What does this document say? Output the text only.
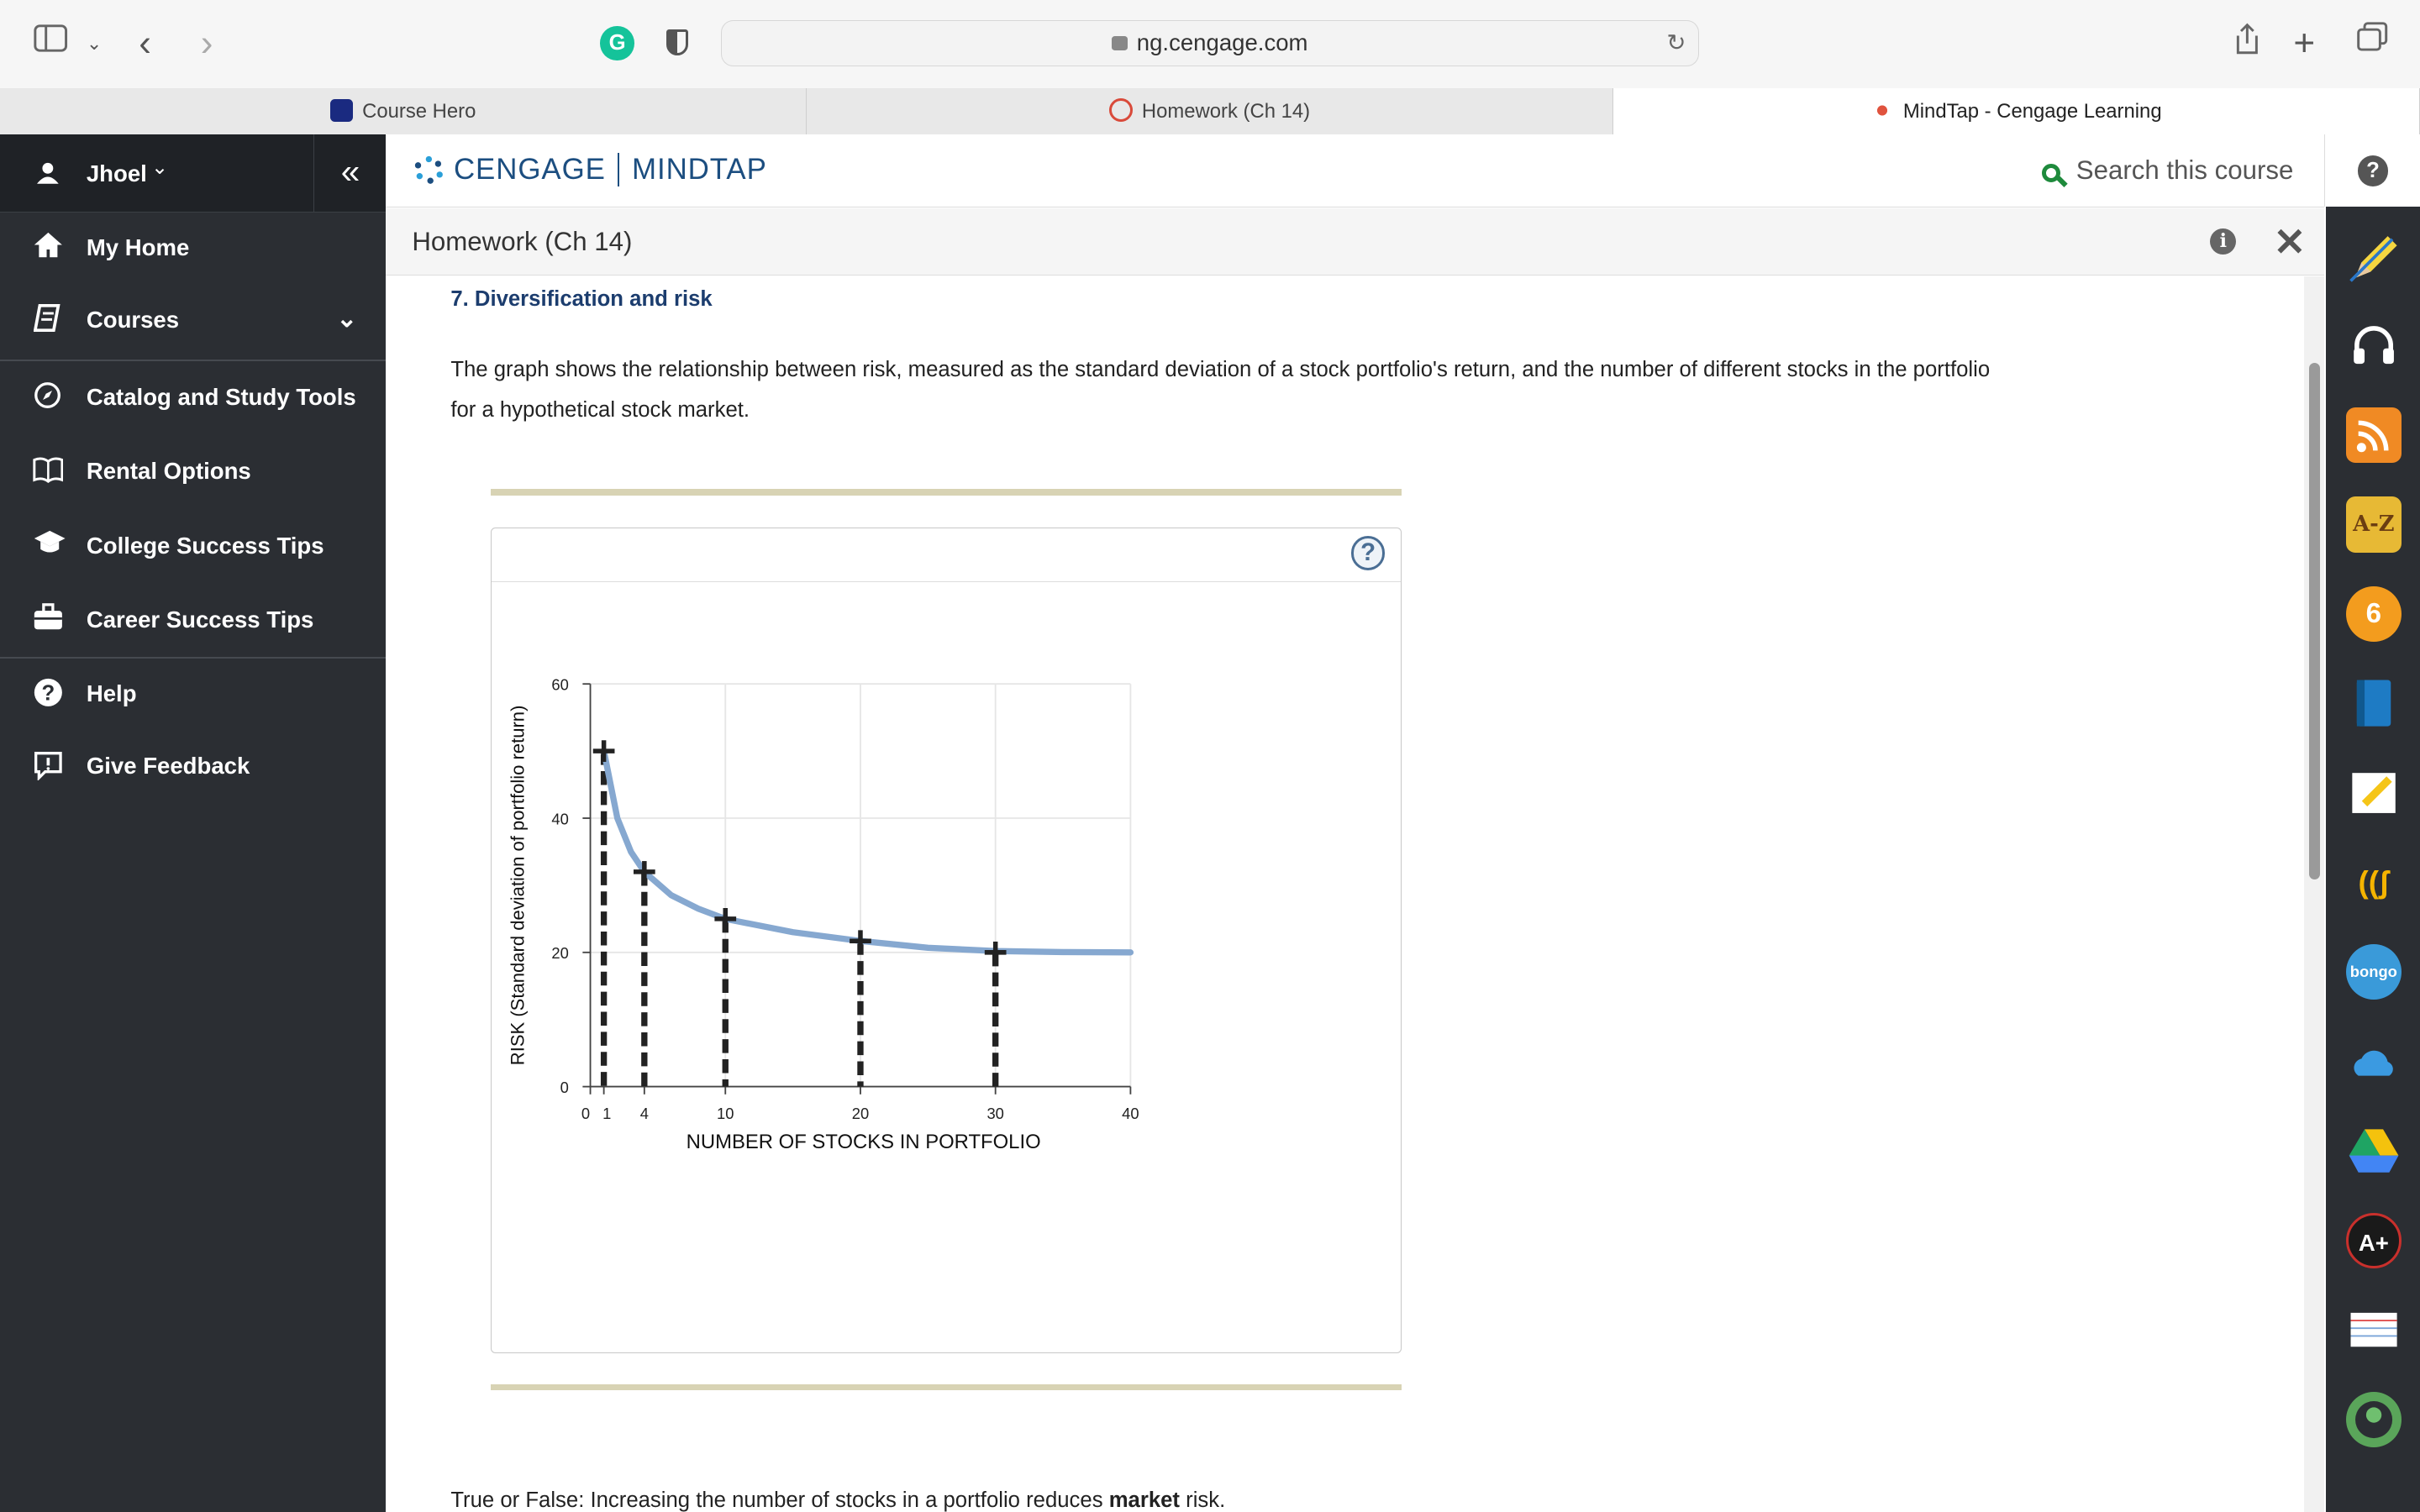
⌄ ‹ ›	G	ng.cengage.com	↻	+
Course Hero	Homework (Ch 14)	MindTap - Cengage Learning
Jhoel ⌄	«
My Home
Courses	⌄
Catalog and Study Tools
Rental Options
College Success Tips
Career Success Tips
?	Help
Give Feedback
CENGAGE MINDTAP	Search this course	?
Homework (Ch 14)	i	✕
A-Z
6
((ʃ
bongo
A+
7. Diversification and risk
The graph shows the relationship between risk, measured as the standard deviation of a stock portfolio's return, and the number of different stocks in the portfolio for a hypothetical stock market.
?
0
20
40
60
0 1	4	10	20	30	40
NUMBER OF STOCKS IN PORTFOLIO
RISK (Standard deviation of portfolio return)
True or False: Increasing the number of stocks in a portfolio reduces market risk.
